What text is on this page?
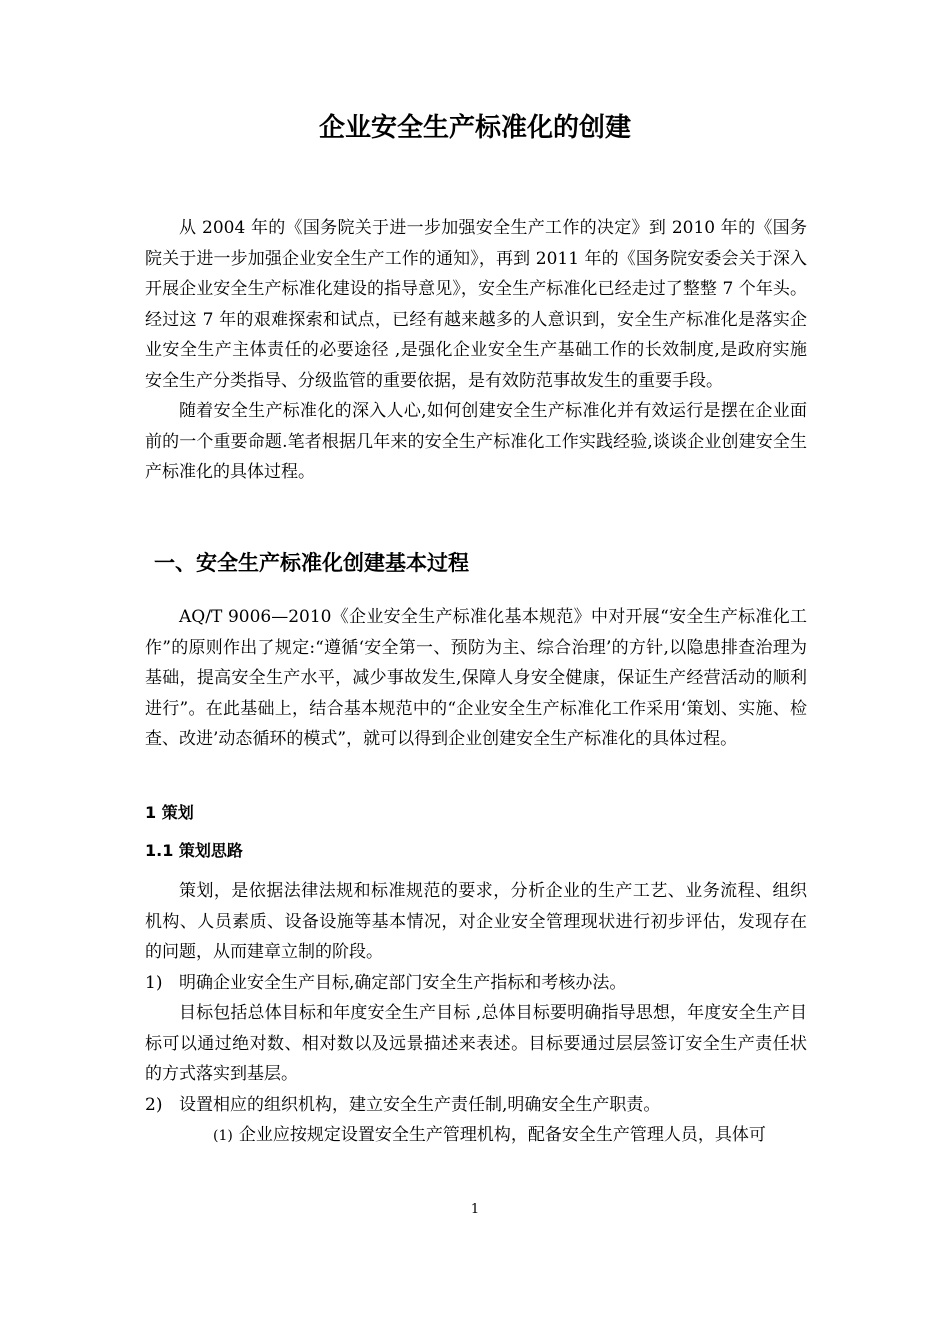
企业安全生产标准化的创建

从 2004 年的《国务院关于进一步加强安全生产工作的决定》到 2010 年的《国务院关于进一步加强企业安全生产工作的通知》，再到 2011 年的《国务院安委会关于深入开展企业安全生产标准化建设的指导意见》，安全生产标准化已经走过了整整 7 个年头。经过这 7 年的艰难探索和试点，已经有越来越多的人意识到，安全生产标准化是落实企业安全生产主体责任的必要途径 ,是强化企业安全生产基础工作的长效制度,是政府实施安全生产分类指导、分级监管的重要依据，是有效防范事故发生的重要手段。

随着安全生产标准化的深入人心,如何创建安全生产标准化并有效运行是摆在企业面前的一个重要命题.笔者根据几年来的安全生产标准化工作实践经验,谈谈企业创建安全生产标准化的具体过程。

一、安全生产标准化创建基本过程

AQ/T 9006—2010《企业安全生产标准化基本规范》中对开展“安全生产标准化工作”的原则作出了规定:“遵循‘安全第一、预防为主、综合治理’的方针,以隐患排查治理为基础，提高安全生产水平，减少事故发生,保障人身安全健康，保证生产经营活动的顺利进行”。在此基础上，结合基本规范中的“企业安全生产标准化工作采用‘策划、实施、检查、改进’动态循环的模式”，就可以得到企业创建安全生产标准化的具体过程。

1 策划
1.1 策划思路

策划，是依据法律法规和标准规范的要求，分析企业的生产工艺、业务流程、组织机构、人员素质、设备设施等基本情况，对企业安全管理现状进行初步评估，发现存在的问题，从而建章立制的阶段。

1) 明确企业安全生产目标,确定部门安全生产指标和考核办法。

目标包括总体目标和年度安全生产目标 ,总体目标要明确指导思想，年度安全生产目标可以通过绝对数、相对数以及远景描述来表述。目标要通过层层签订安全生产责任状的方式落实到基层。

2) 设置相应的组织机构，建立安全生产责任制,明确安全生产职责。

(1) 企业应按规定设置安全生产管理机构，配备安全生产管理人员，具体可

1
